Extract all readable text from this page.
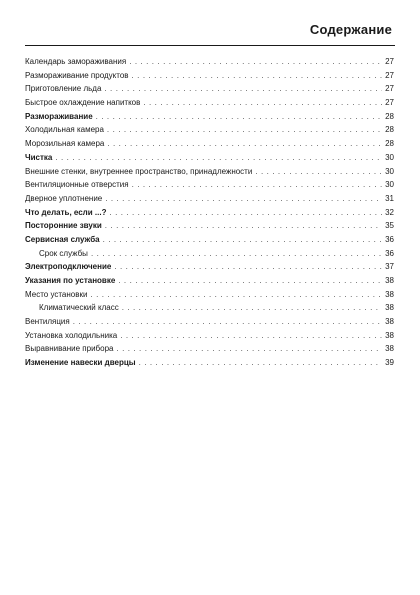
Содержание
Календарь замораживания . . .	27
Размораживание продуктов . . .	27
Приготовление льда . . .	27
Быстрое охлаждение напитков . . .	27
Размораживание . . .	28
Холодильная камера . . .	28
Морозильная камера . . .	28
Чистка . . .	30
Внешние стенки, внутреннее пространство, принадлежности . . .	30
Вентиляционные отверстия . . .	30
Дверное уплотнение . . .	31
Что делать, если ...? . . .	32
Посторонние звуки . . .	35
Сервисная служба . . .	36
Срок службы . . .	36
Электроподключение . . .	37
Указания по установке . . .	38
Место установки . . .	38
Климатический класс . . .	38
Вентиляция . . .	38
Установка холодильника . . .	38
Выравнивание прибора . . .	38
Изменение навески дверцы . . .	39
